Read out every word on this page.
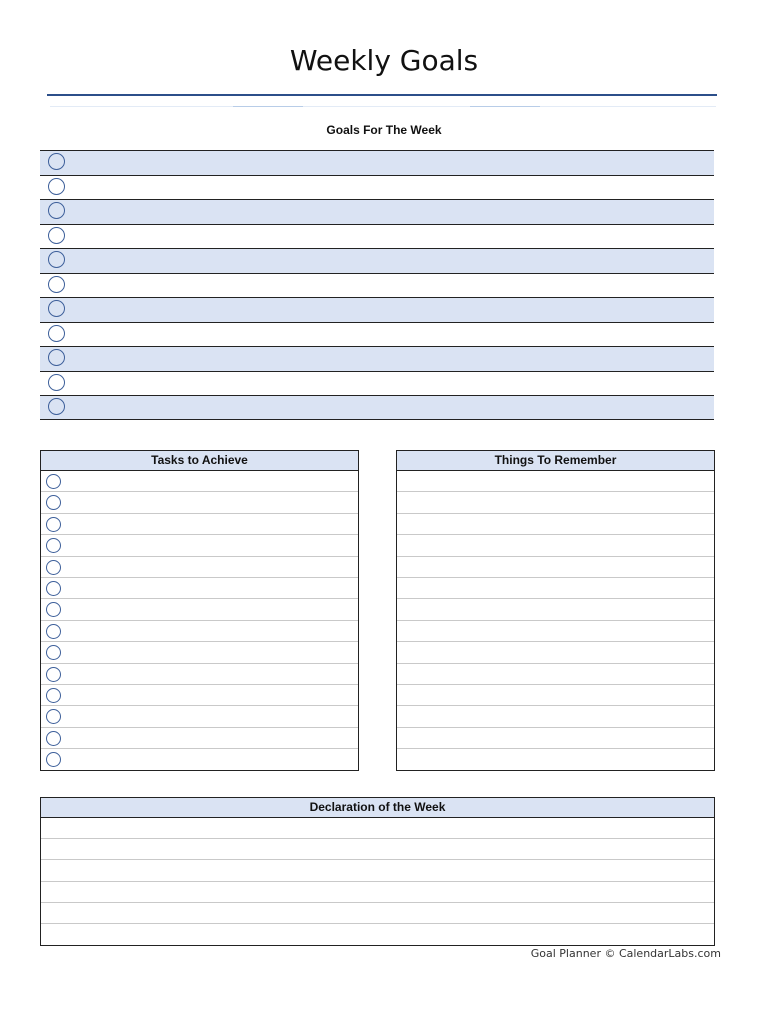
Weekly Goals
Goals For The Week
Tasks to Achieve	Things To Remember
Declaration of the Week
Goal Planner © CalendarLabs.com
